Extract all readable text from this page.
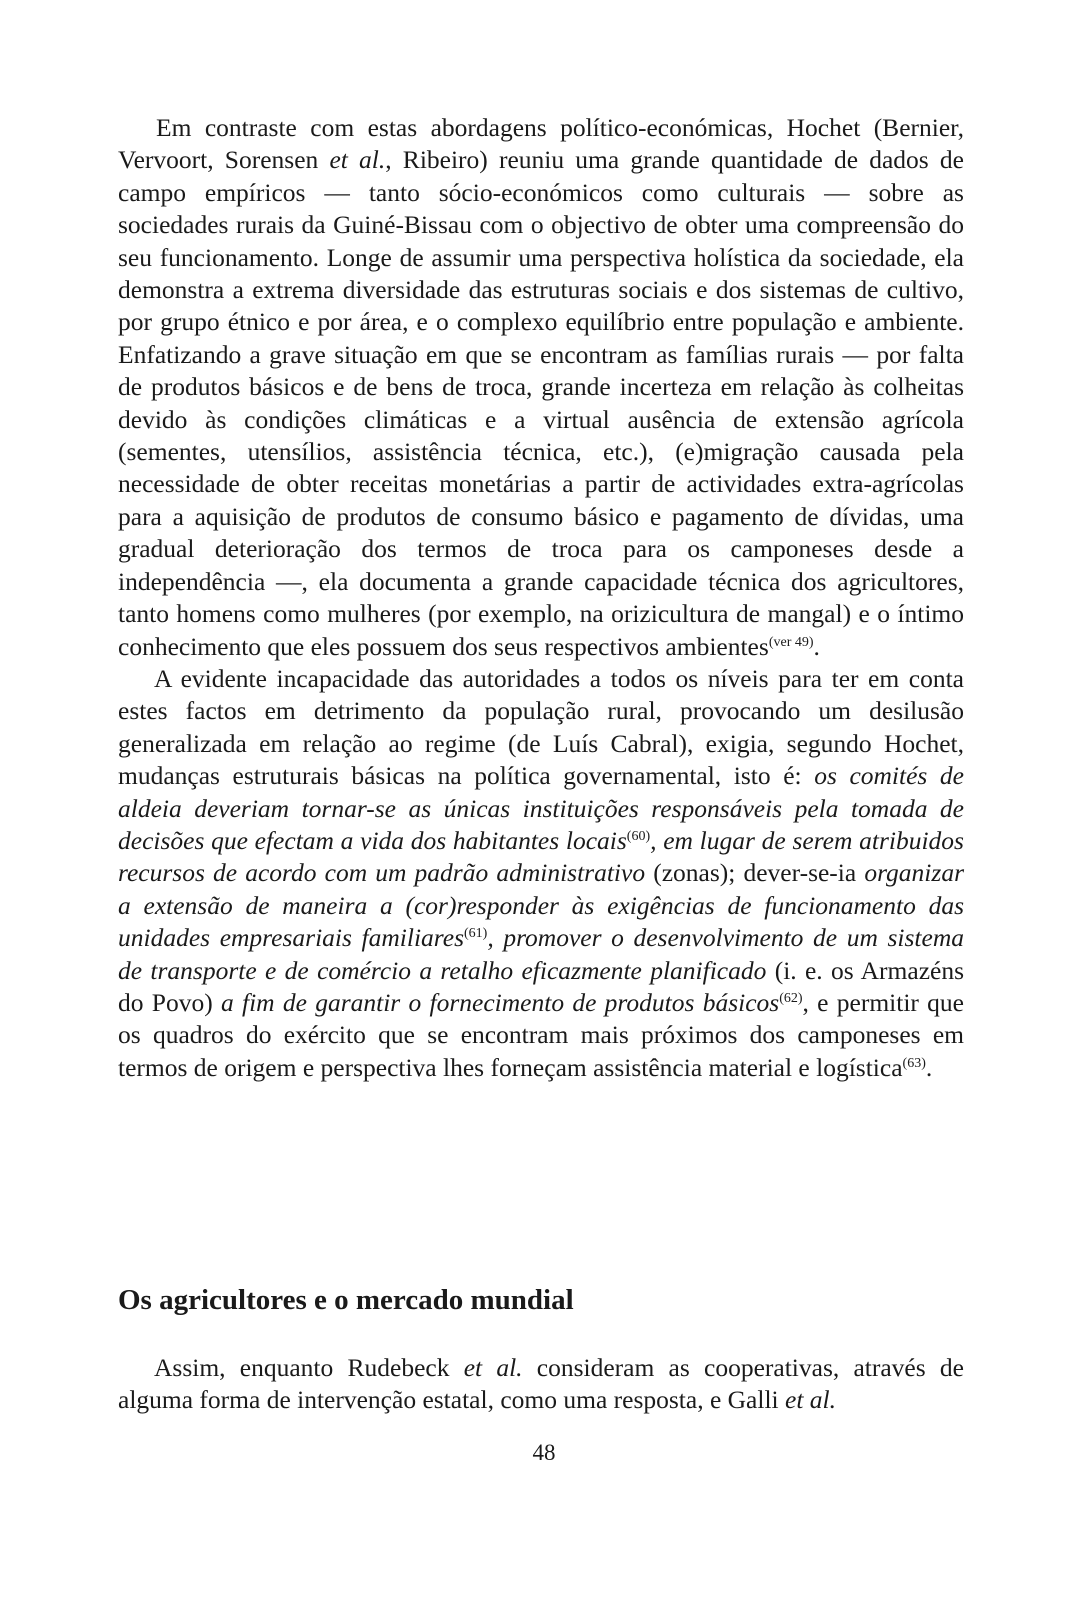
Em contraste com estas abordagens político-económicas, Hochet (Bernier, Vervoort, Sorensen et al., Ribeiro) reuniu uma grande quantidade de dados de campo empíricos — tanto sócio-económicos como culturais — sobre as sociedades rurais da Guiné-Bissau com o objectivo de obter uma compreensão do seu funcionamento. Longe de assumir uma perspectiva holística da sociedade, ela demonstra a extrema diversidade das estruturas sociais e dos sistemas de cultivo, por grupo étnico e por área, e o complexo equilíbrio entre população e ambiente. Enfatizando a grave situação em que se encontram as famílias rurais — por falta de produtos básicos e de bens de troca, grande incerteza em relação às colheitas devido às condições climáticas e a virtual ausência de extensão agrícola (sementes, utensílios, assistência técnica, etc.), (e)migração causada pela necessidade de obter receitas monetárias a partir de actividades extra-agrícolas para a aquisição de produtos de consumo básico e pagamento de dívidas, uma gradual deterioração dos termos de troca para os camponeses desde a independência —, ela documenta a grande capacidade técnica dos agricultores, tanto homens como mulheres (por exemplo, na orizicultura de mangal) e o íntimo conhecimento que eles possuem dos seus respectivos ambientes$^{(ver 49)}$.

A evidente incapacidade das autoridades a todos os níveis para ter em conta estes factos em detrimento da população rural, provocando um desilusão generalizada em relação ao regime (de Luís Cabral), exigia, segundo Hochet, mudanças estruturais básicas na política governamental, isto é: os comités de aldeia deveriam tornar-se as únicas instituições responsáveis pela tomada de decisões que efectam a vida dos habitantes locais$^{(60)}$, em lugar de serem atribuidos recursos de acordo com um padrão administrativo (zonas); dever-se-ia organizar a extensão de maneira a (cor)responder às exigências de funcionamento das unidades empresariais familiares$^{(61)}$, promover o desenvolvimento de um sistema de transporte e de comércio a retalho eficazmente planificado (i. e. os Armazéns do Povo) a fim de garantir o fornecimento de produtos básicos$^{(62)}$, e permitir que os quadros do exército que se encontram mais próximos dos camponeses em termos de origem e perspectiva lhes forneçam assistência material e logística$^{(63)}$.

Os agricultores e o mercado mundial

Assim, enquanto Rudebeck et al. consideram as cooperativas, através de alguma forma de intervenção estatal, como uma resposta, e Galli et al.

48
